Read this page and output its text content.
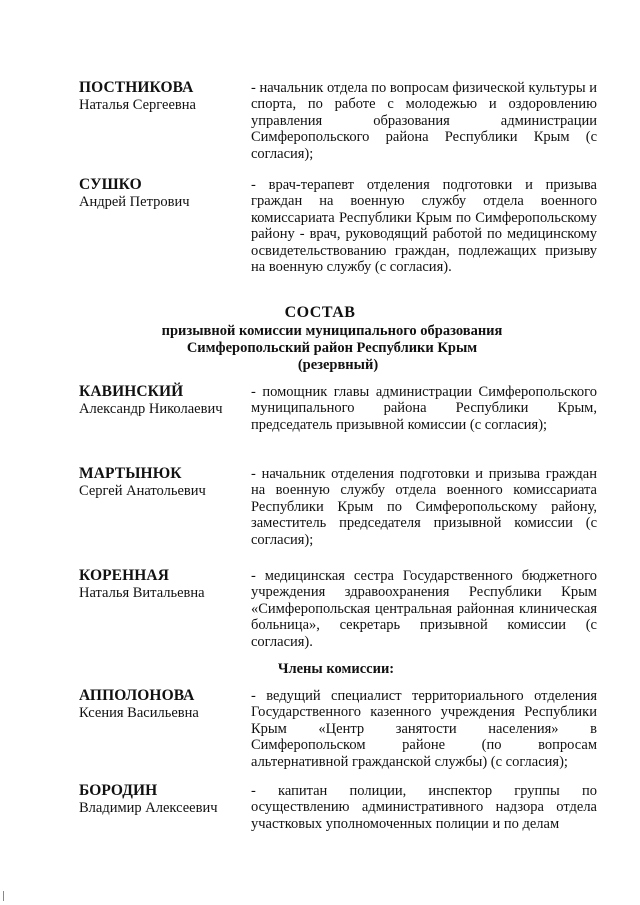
ПОСТНИКОВА
Наталья Сергеевна
- начальник отдела по вопросам физической культуры и спорта, по работе с молодежью и оздоровлению управления образования администрации Симферопольского района Республики Крым (с согласия);
СУШКО
Андрей Петрович
- врач-терапевт отделения подготовки и призыва граждан на военную службу отдела военного комиссариата Республики Крым по Симферопольскому району - врач, руководящий работой по медицинскому освидетельствованию граждан, подлежащих призыву на военную службу (с согласия).
СОСТАВ
призывной комиссии муниципального образования
Симферопольский район Республики Крым
(резервный)
КАВИНСКИЙ
Александр Николаевич
- помощник главы администрации Симферопольского муниципального района Республики Крым, председатель призывной комиссии (с согласия);
МАРТЫНЮК
Сергей Анатольевич
- начальник отделения подготовки и призыва граждан на военную службу отдела военного комиссариата Республики Крым по Симферопольскому району, заместитель председателя призывной комиссии (с согласия);
КОРЕННАЯ
Наталья Витальевна
- медицинская сестра Государственного бюджетного учреждения здравоохранения Республики Крым «Симферопольская центральная районная клиническая больница», секретарь призывной комиссии (с согласия).
Члены комиссии:
АППОЛОНОВА
Ксения Васильевна
- ведущий специалист территориального отделения Государственного казенного учреждения Республики Крым «Центр занятости населения» в Симферопольском районе (по вопросам альтернативной гражданской службы) (с согласия);
БОРОДИН
Владимир Алексеевич
- капитан полиции, инспектор группы по осуществлению административного надзора отдела участковых уполномоченных полиции и по делам
